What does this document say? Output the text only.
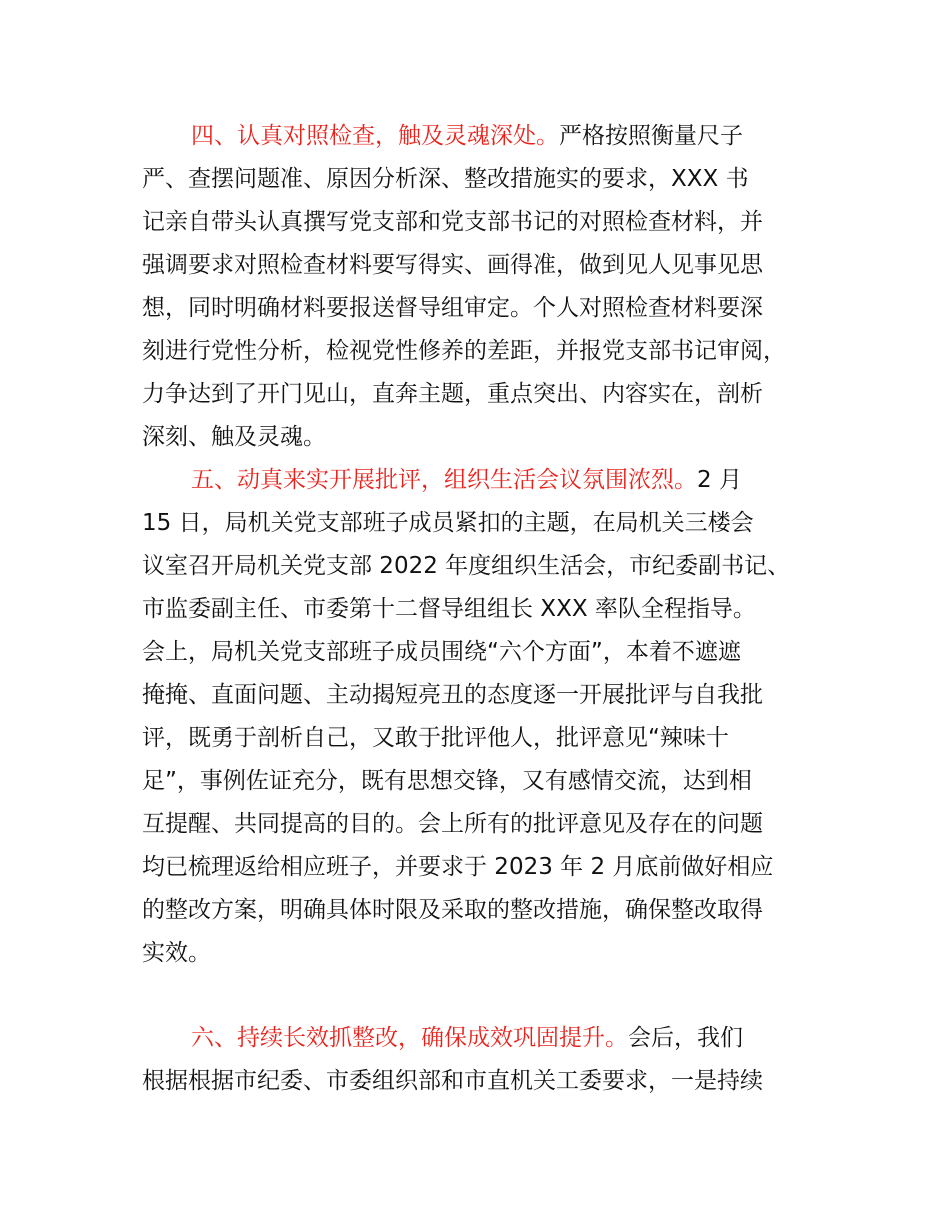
四、认真对照检查，触及灵魂深处。严格按照衡量尺子
严、查摆问题准、原因分析深、整改措施实的要求，XXX 书
记亲自带头认真撰写党支部和党支部书记的对照检查材料，并
强调要求对照检查材料要写得实、画得准，做到见人见事见思
想，同时明确材料要报送督导组审定。个人对照检查材料要深
刻进行党性分析，检视党性修养的差距，并报党支部书记审阅，
力争达到了开门见山，直奔主题，重点突出、内容实在，剖析
深刻、触及灵魂。
五、动真来实开展批评，组织生活会议氛围浓烈。2 月
15 日，局机关党支部班子成员紧扣的主题，在局机关三楼会
议室召开局机关党支部 2022 年度组织生活会，市纪委副书记、
市监委副主任、市委第十二督导组组长 XXX 率队全程指导。
会上，局机关党支部班子成员围绕“六个方面”，本着不遮遮
掩掩、直面问题、主动揭短亮丑的态度逐一开展批评与自我批
评，既勇于剖析自己，又敢于批评他人，批评意见“辣味十
足”，事例佐证充分，既有思想交锋，又有感情交流，达到相
互提醒、共同提高的目的。会上所有的批评意见及存在的问题
均已梳理返给相应班子，并要求于 2023 年 2 月底前做好相应
的整改方案，明确具体时限及采取的整改措施，确保整改取得
实效。
六、持续长效抓整改，确保成效巩固提升。会后，我们
根据根据市纪委、市委组织部和市直机关工委要求，一是持续
